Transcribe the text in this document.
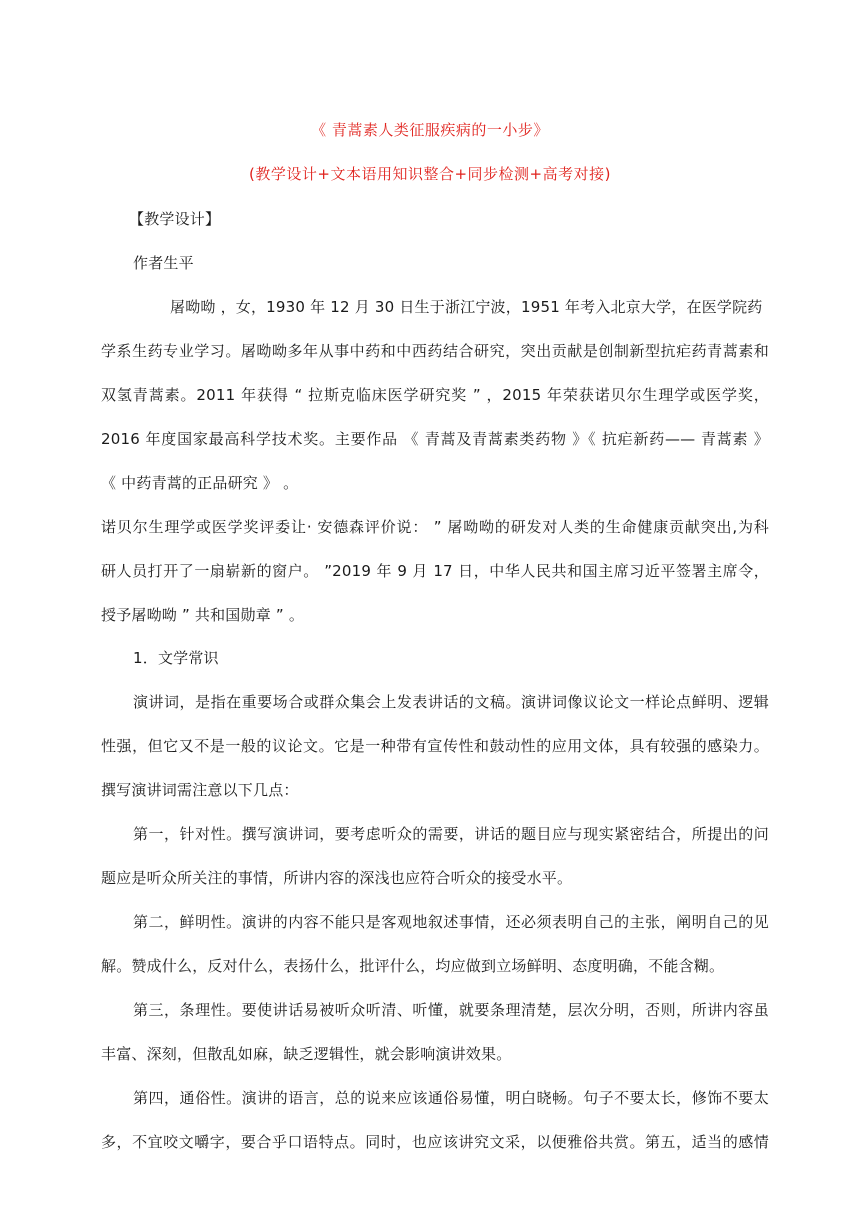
《 青蒿素人类征服疾病的一小步》
(教学设计+文本语用知识整合+同步检测+高考对接)
【教学设计】
作者生平
屠呦呦 ，女，1930 年 12 月 30 日生于浙江宁波，1951 年考入北京大学，在医学院药
学系生药专业学习。屠呦呦多年从事中药和中西药结合研究，突出贡献是创制新型抗疟药青蒿素和
双氢青蒿素。2011 年获得 “ 拉斯克临床医学研究奖 ” ，2015 年荣获诺贝尔生理学或医学奖，
2016 年度国家最高科学技术奖。主要作品 《 青蒿及青蒿素类药物 》《 抗疟新药—— 青蒿素 》
《 中药青蒿的正品研究 》 。
诺贝尔生理学或医学奖评委让· 安德森评价说： ” 屠呦呦的研发对人类的生命健康贡献突出,为科
研人员打开了一扇崭新的窗户。 ”2019 年 9 月 17 日，中华人民共和国主席习近平签署主席令，
授予屠呦呦 ” 共和国勋章 ” 。
1．文学常识
演讲词，是指在重要场合或群众集会上发表讲话的文稿。演讲词像议论文一样论点鲜明、逻辑
性强，但它又不是一般的议论文。它是一种带有宣传性和鼓动性的应用文体，具有较强的感染力。
撰写演讲词需注意以下几点：
第一，针对性。撰写演讲词，要考虑听众的需要，讲话的题目应与现实紧密结合，所提出的问
题应是听众所关注的事情，所讲内容的深浅也应符合听众的接受水平。
第二，鲜明性。演讲的内容不能只是客观地叙述事情，还必须表明自己的主张，阐明自己的见
解。赞成什么，反对什么，表扬什么，批评什么，均应做到立场鲜明、态度明确，不能含糊。
第三，条理性。要使讲话易被听众听清、听懂，就要条理清楚，层次分明，否则，所讲内容虽
丰富、深刻，但散乱如麻，缺乏逻辑性，就会影响演讲效果。
第四，通俗性。演讲的语言，总的说来应该通俗易懂，明白晓畅。句子不要太长，修饰不要太
多，不宜咬文嚼字，要合乎口语特点。同时，也应该讲究文采，以便雅俗共赏。第五，适当的感情
